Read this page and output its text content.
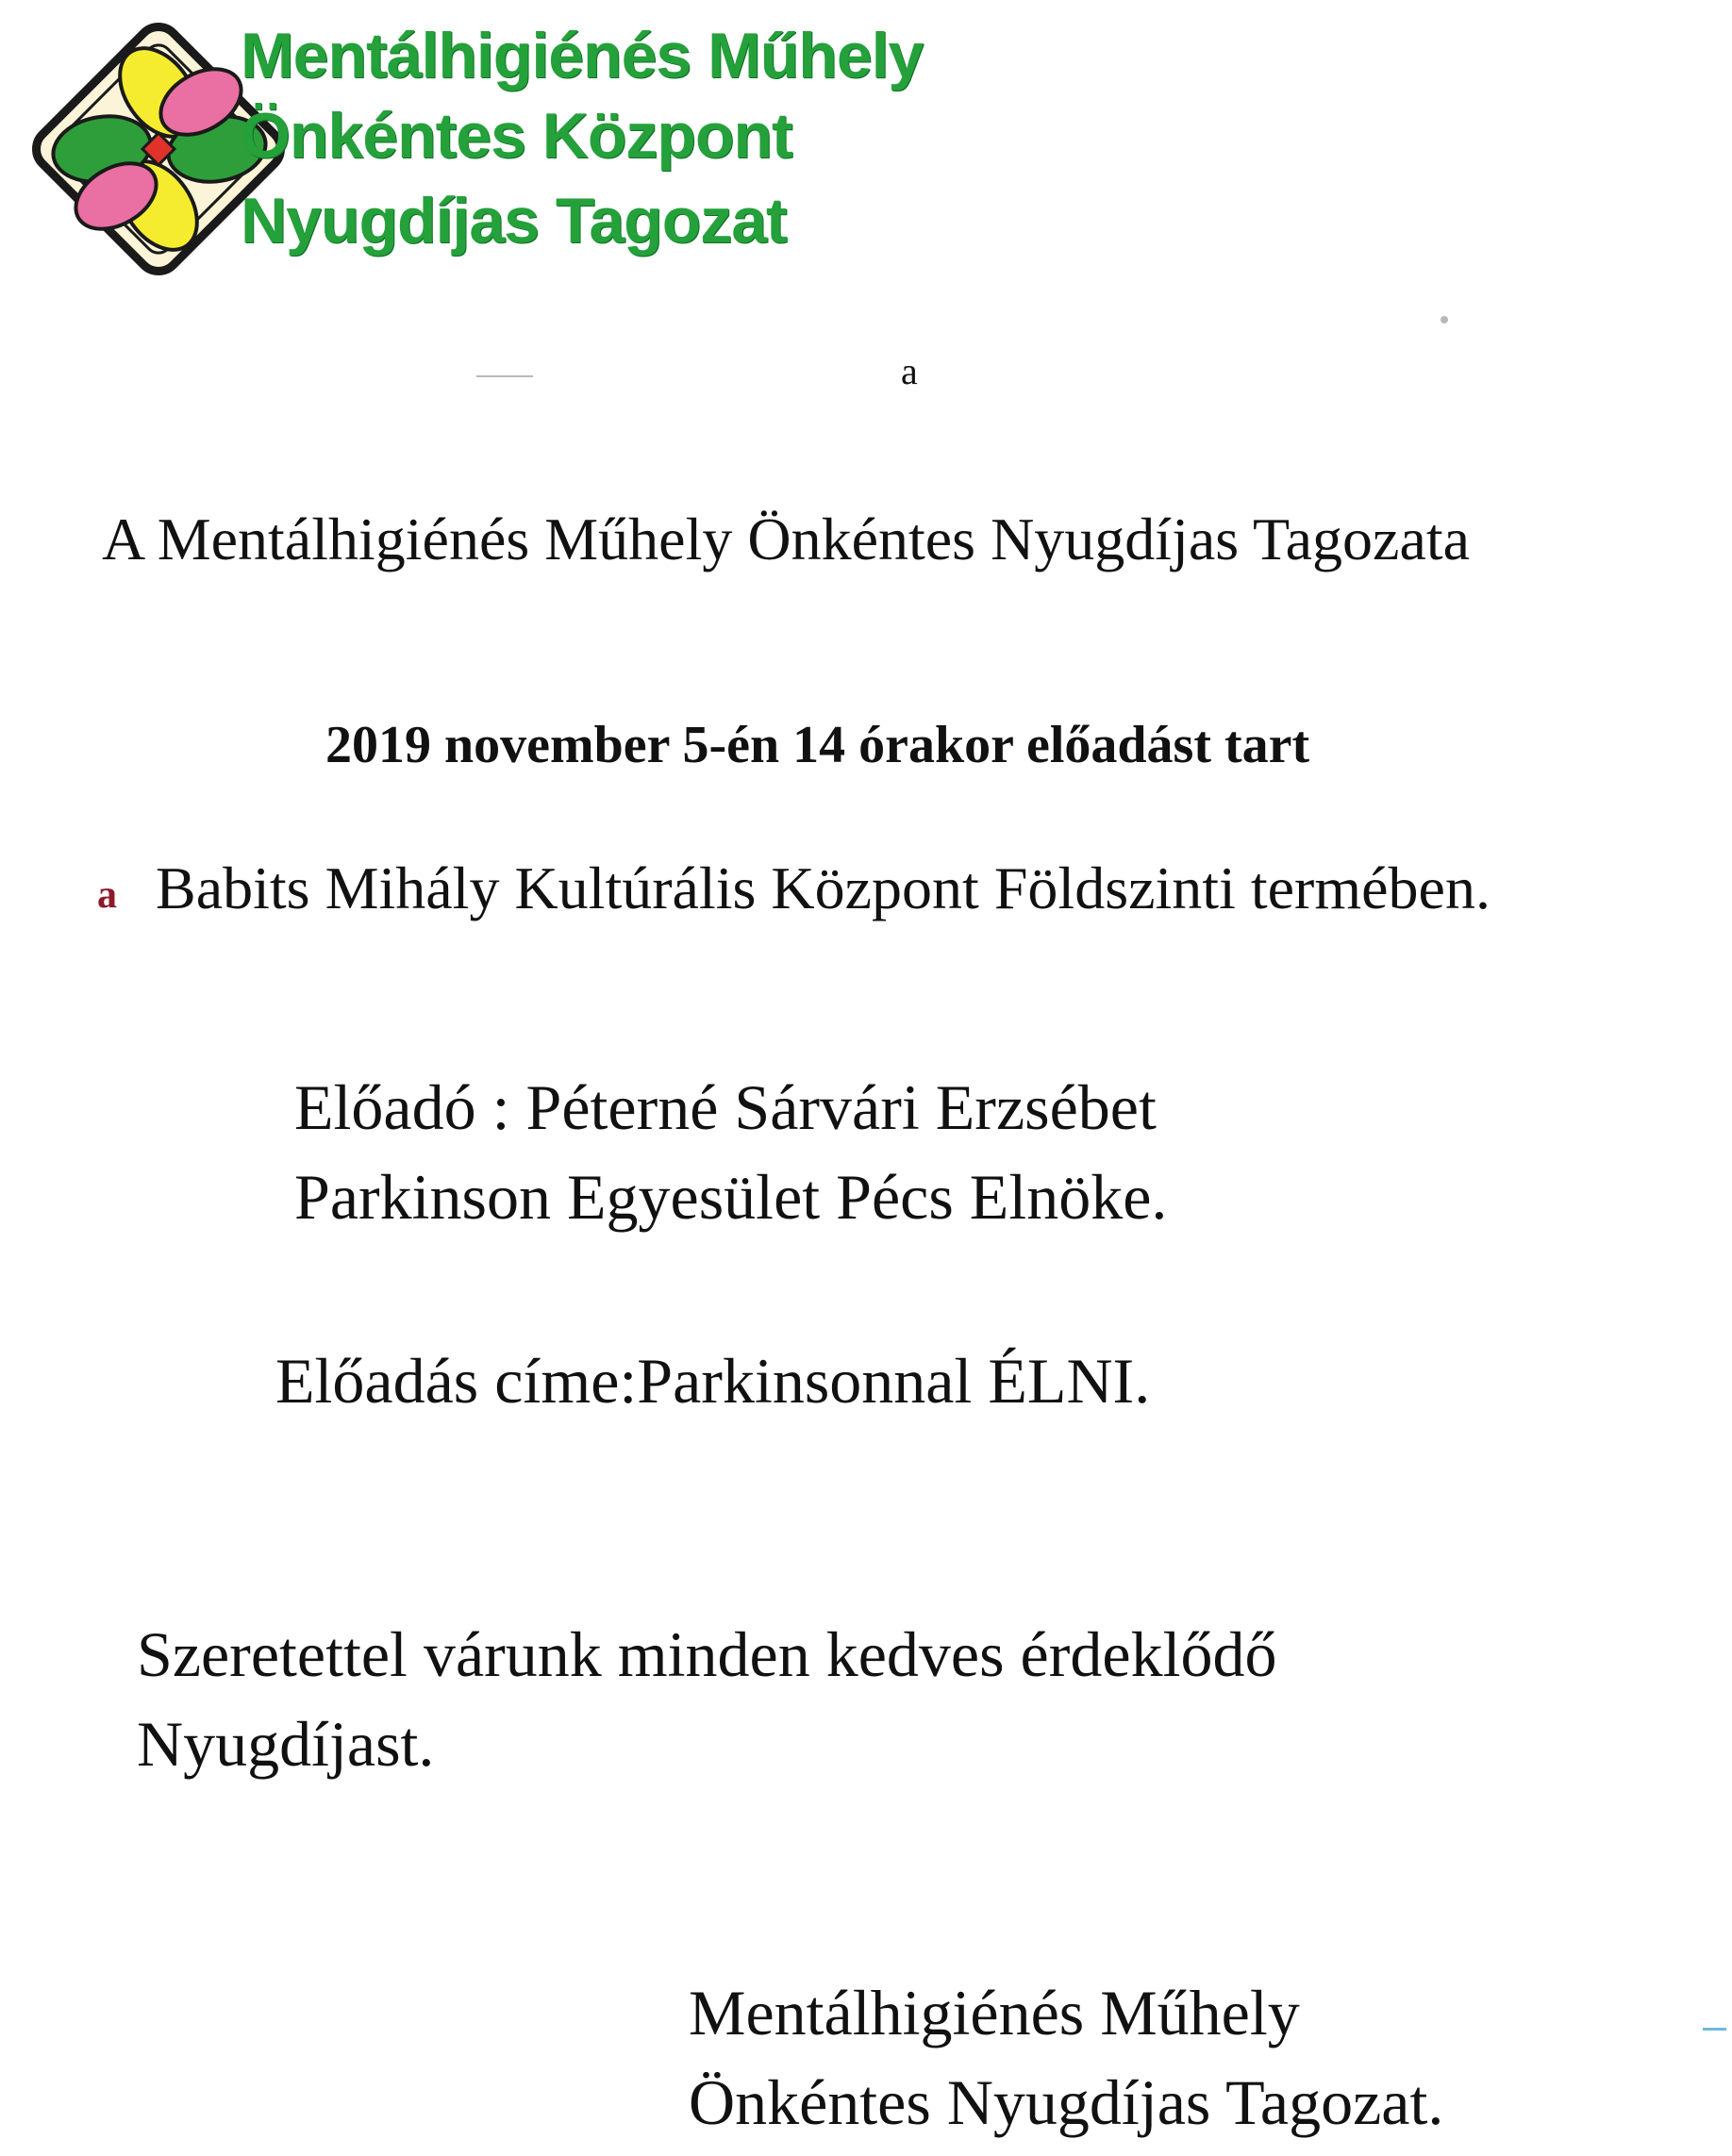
Mentálhigiénés Műhely
Önkéntes Központ
Nyugdíjas Tagozat
a
A Mentálhigiénés Műhely Önkéntes Nyugdíjas Tagozata
2019 november 5-én 14 órakor előadást tart
a Babits Mihály Kultúrális Központ Földszinti termében.
Előadó : Péterné Sárvári Erzsébet
Parkinson Egyesület Pécs Elnöke.
Előadás címe:Parkinsonnal ÉLNI.
Szeretettel várunk minden kedves érdeklődő
Nyugdíjast.
Mentálhigiénés Műhely
Önkéntes Nyugdíjas Tagozat.
